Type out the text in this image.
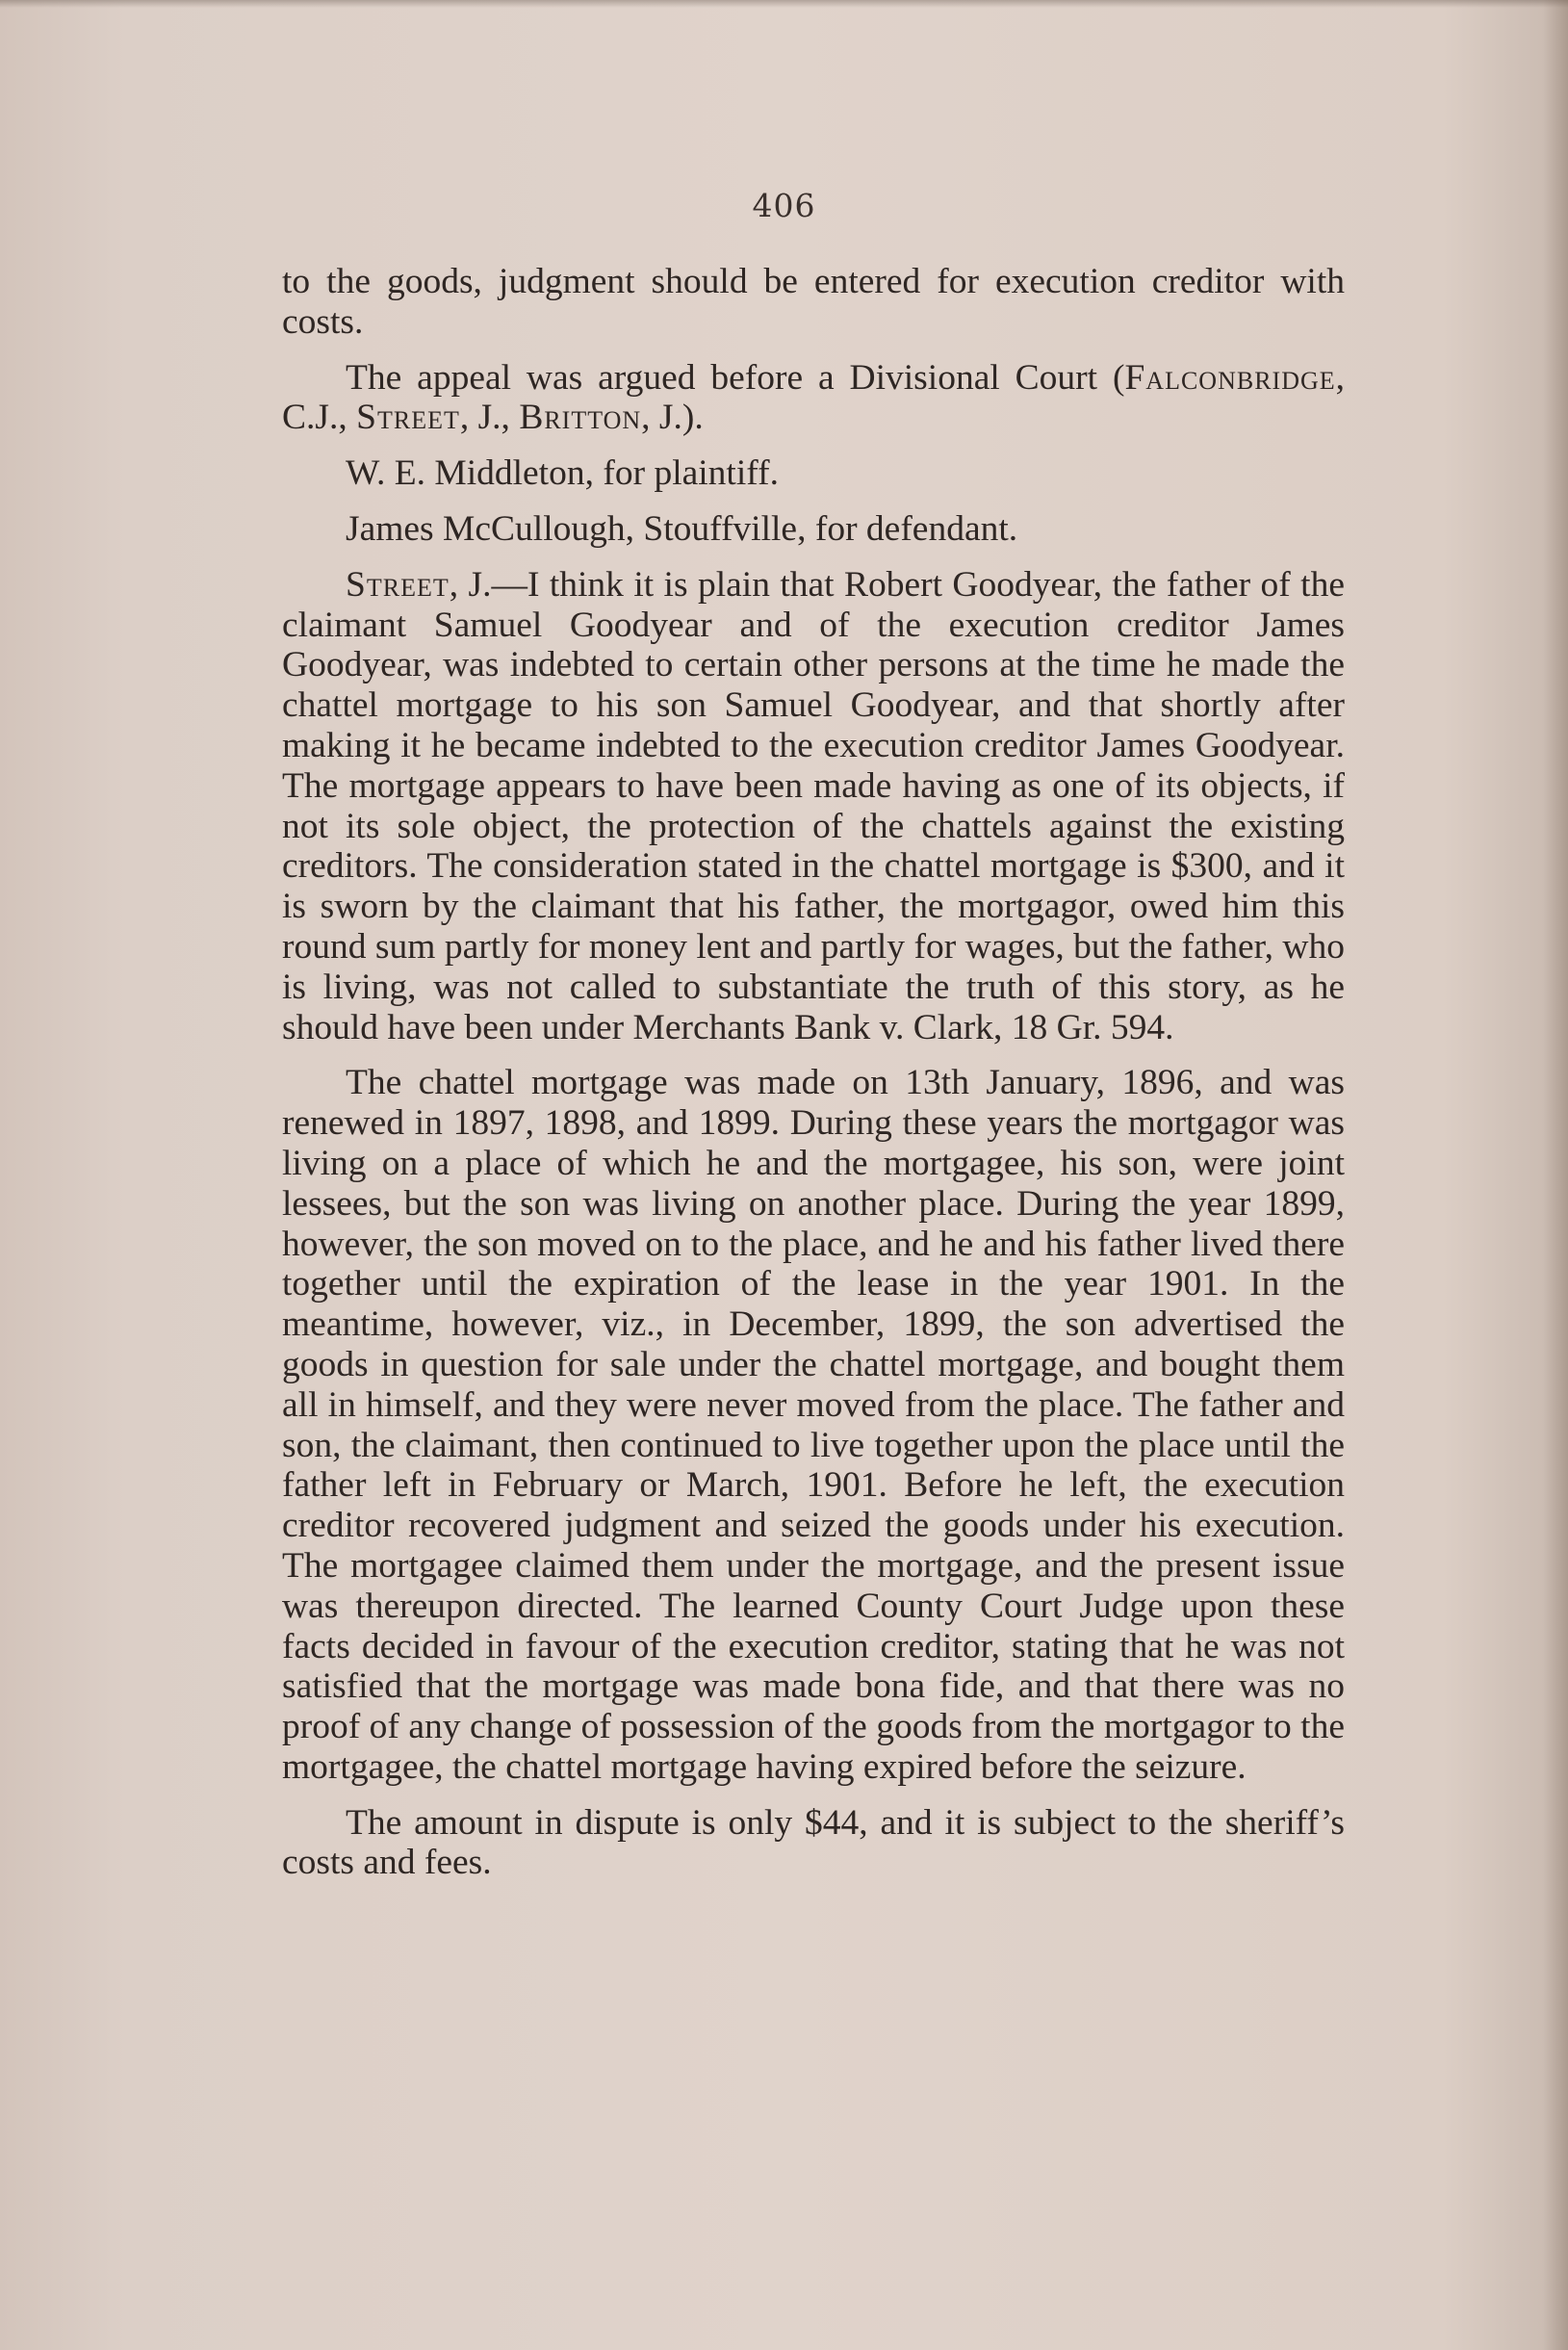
406

to the goods, judgment should be entered for execution creditor with costs.

The appeal was argued before a Divisional Court (Falconbridge, C.J., Street, J., Britton, J.).

W. E. Middleton, for plaintiff.

James McCullough, Stouffville, for defendant.

Street, J.—I think it is plain that Robert Goodyear, the father of the claimant Samuel Goodyear and of the execution creditor James Goodyear, was indebted to certain other persons at the time he made the chattel mortgage to his son Samuel Goodyear, and that shortly after making it he became indebted to the execution creditor James Goodyear. The mortgage appears to have been made having as one of its objects, if not its sole object, the protection of the chattels against the existing creditors. The consideration stated in the chattel mortgage is $300, and it is sworn by the claimant that his father, the mortgagor, owed him this round sum partly for money lent and partly for wages, but the father, who is living, was not called to substantiate the truth of this story, as he should have been under Merchants Bank v. Clark, 18 Gr. 594.

The chattel mortgage was made on 13th January, 1896, and was renewed in 1897, 1898, and 1899. During these years the mortgagor was living on a place of which he and the mortgagee, his son, were joint lessees, but the son was living on another place. During the year 1899, however, the son moved on to the place, and he and his father lived there together until the expiration of the lease in the year 1901. In the meantime, however, viz., in December, 1899, the son advertised the goods in question for sale under the chattel mortgage, and bought them all in himself, and they were never moved from the place. The father and son, the claimant, then continued to live together upon the place until the father left in February or March, 1901. Before he left, the execution creditor recovered judgment and seized the goods under his execution. The mortgagee claimed them under the mortgage, and the present issue was thereupon directed. The learned County Court Judge upon these facts decided in favour of the execution creditor, stating that he was not satisfied that the mortgage was made bona fide, and that there was no proof of any change of possession of the goods from the mortgagor to the mortgagee, the chattel mortgage having expired before the seizure.

The amount in dispute is only $44, and it is subject to the sheriff’s costs and fees.
